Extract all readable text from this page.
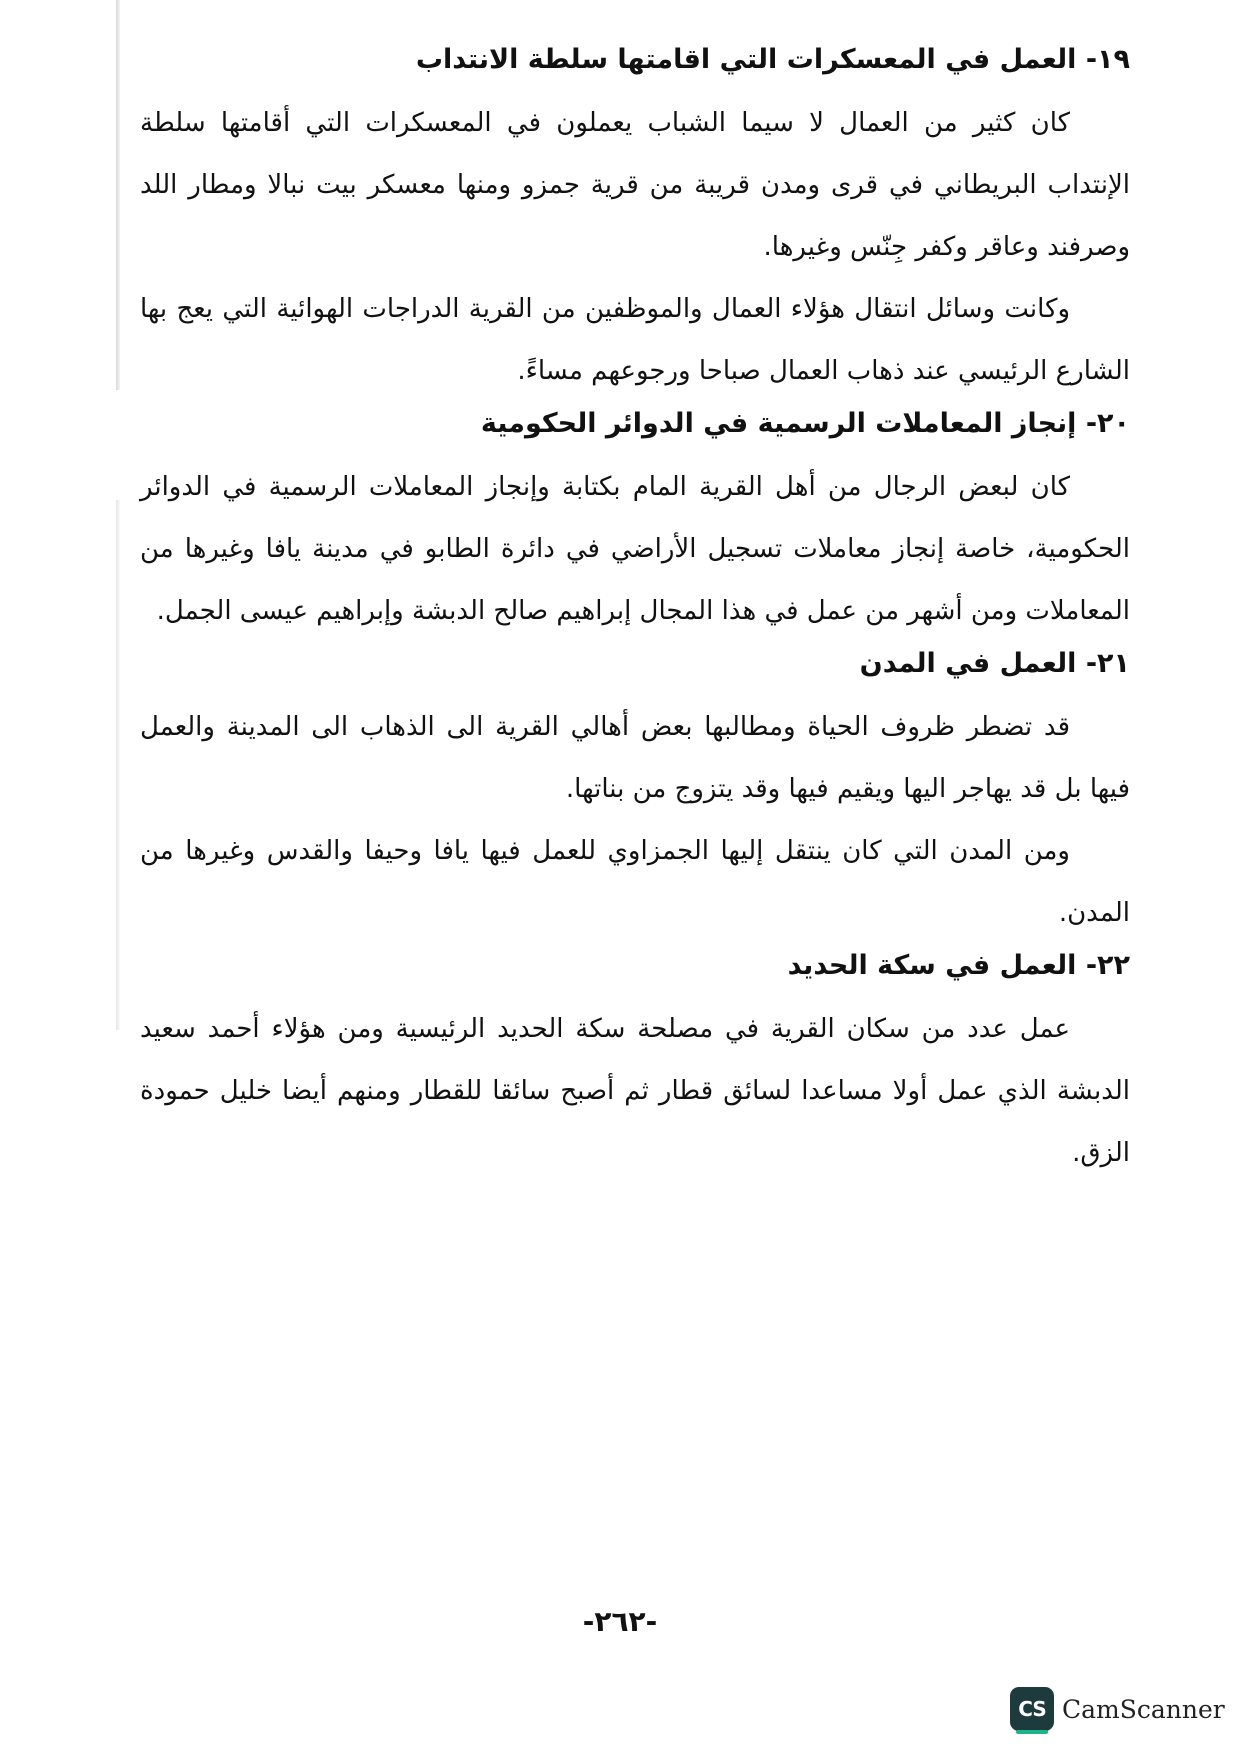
١٩- العمل في المعسكرات التي اقامتها سلطة الانتداب

كان كثير من العمال لا سيما الشباب يعملون في المعسكرات التي أقامتها سلطة الإنتداب البريطاني في قرى ومدن قريبة من قرية جمزو ومنها معسكر بيت نبالا ومطار اللد وصرفند وعاقر وكفر جِنّس وغيرها.

وكانت وسائل انتقال هؤلاء العمال والموظفين من القرية الدراجات الهوائية التي يعج بها الشارع الرئيسي عند ذهاب العمال صباحا ورجوعهم مساءً.

٢٠- إنجاز المعاملات الرسمية في الدوائر الحكومية

كان لبعض الرجال من أهل القرية المام بكتابة وإنجاز المعاملات الرسمية في الدوائر الحكومية، خاصة إنجاز معاملات تسجيل الأراضي في دائرة الطابو في مدينة يافا وغيرها من المعاملات ومن أشهر من عمل في هذا المجال إبراهيم صالح الدبشة وإبراهيم عيسى الجمل.

٢١- العمل في المدن

قد تضطر ظروف الحياة ومطالبها بعض أهالي القرية الى الذهاب الى المدينة والعمل فيها بل قد يهاجر اليها ويقيم فيها وقد يتزوج من بناتها.

ومن المدن التي كان ينتقل إليها الجمزاوي للعمل فيها يافا وحيفا والقدس وغيرها من المدن.

٢٢- العمل في سكة الحديد

عمل عدد من سكان القرية في مصلحة سكة الحديد الرئيسية ومن هؤلاء أحمد سعيد الدبشة الذي عمل أولا مساعدا لسائق قطار ثم أصبح سائقا للقطار ومنهم أيضا خليل حمودة الزق.

-٢٦٢-
CS CamScanner
